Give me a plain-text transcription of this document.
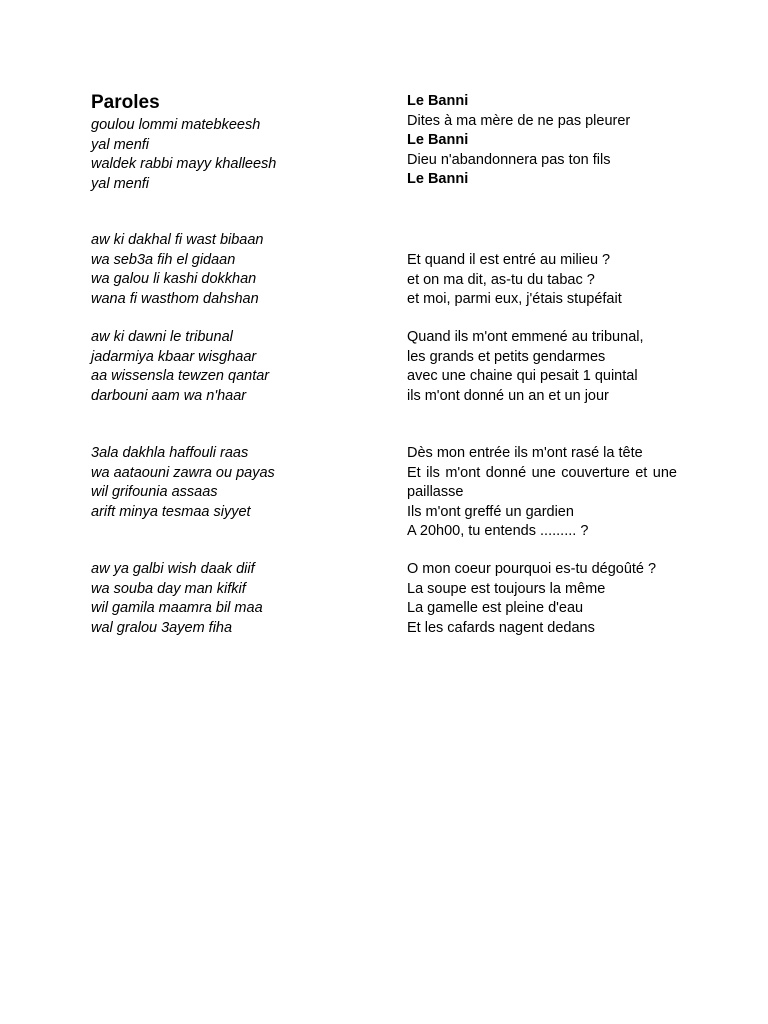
Paroles
goulou lommi matebkeesh
yal menfi
waldek rabbi mayy khalleesh
yal menfi
aw ki dakhal fi wast bibaan
wa seb3a fih el gidaan
wa galou li kashi dokkhan
wana fi wasthom dahshan
aw ki dawni le tribunal
jadarmiya kbaar wisghaar
aa wissensla tewzen qantar
darbouni aam wa n'haar
3ala dakhla haffouli raas
wa aataouni zawra ou payas
wil grifounia assaas
arift minya tesmaa siyyet
aw ya galbi wish daak diif
wa souba day man kifkif
wil gamila maamra bil maa
wal gralou 3ayem fiha
Le Banni
Dites à ma mère de ne pas pleurer
Le Banni
Dieu n'abandonnera pas ton fils
Le Banni
Et quand il est entré au milieu ?
et on ma dit, as-tu du tabac ?
et moi, parmi eux, j'étais stupéfait
Quand ils m'ont emmené au tribunal,
les grands et petits gendarmes
avec une chaine qui pesait 1 quintal
ils m'ont donné un an et un jour
Dès mon entrée ils m'ont rasé la tête
Et ils m'ont donné une couverture et une paillasse
Ils m'ont greffé un gardien
A 20h00, tu entends ......... ?
O mon coeur pourquoi es-tu dégoûté ?
La soupe est toujours la même
La gamelle est pleine d'eau
Et les cafards nagent dedans
